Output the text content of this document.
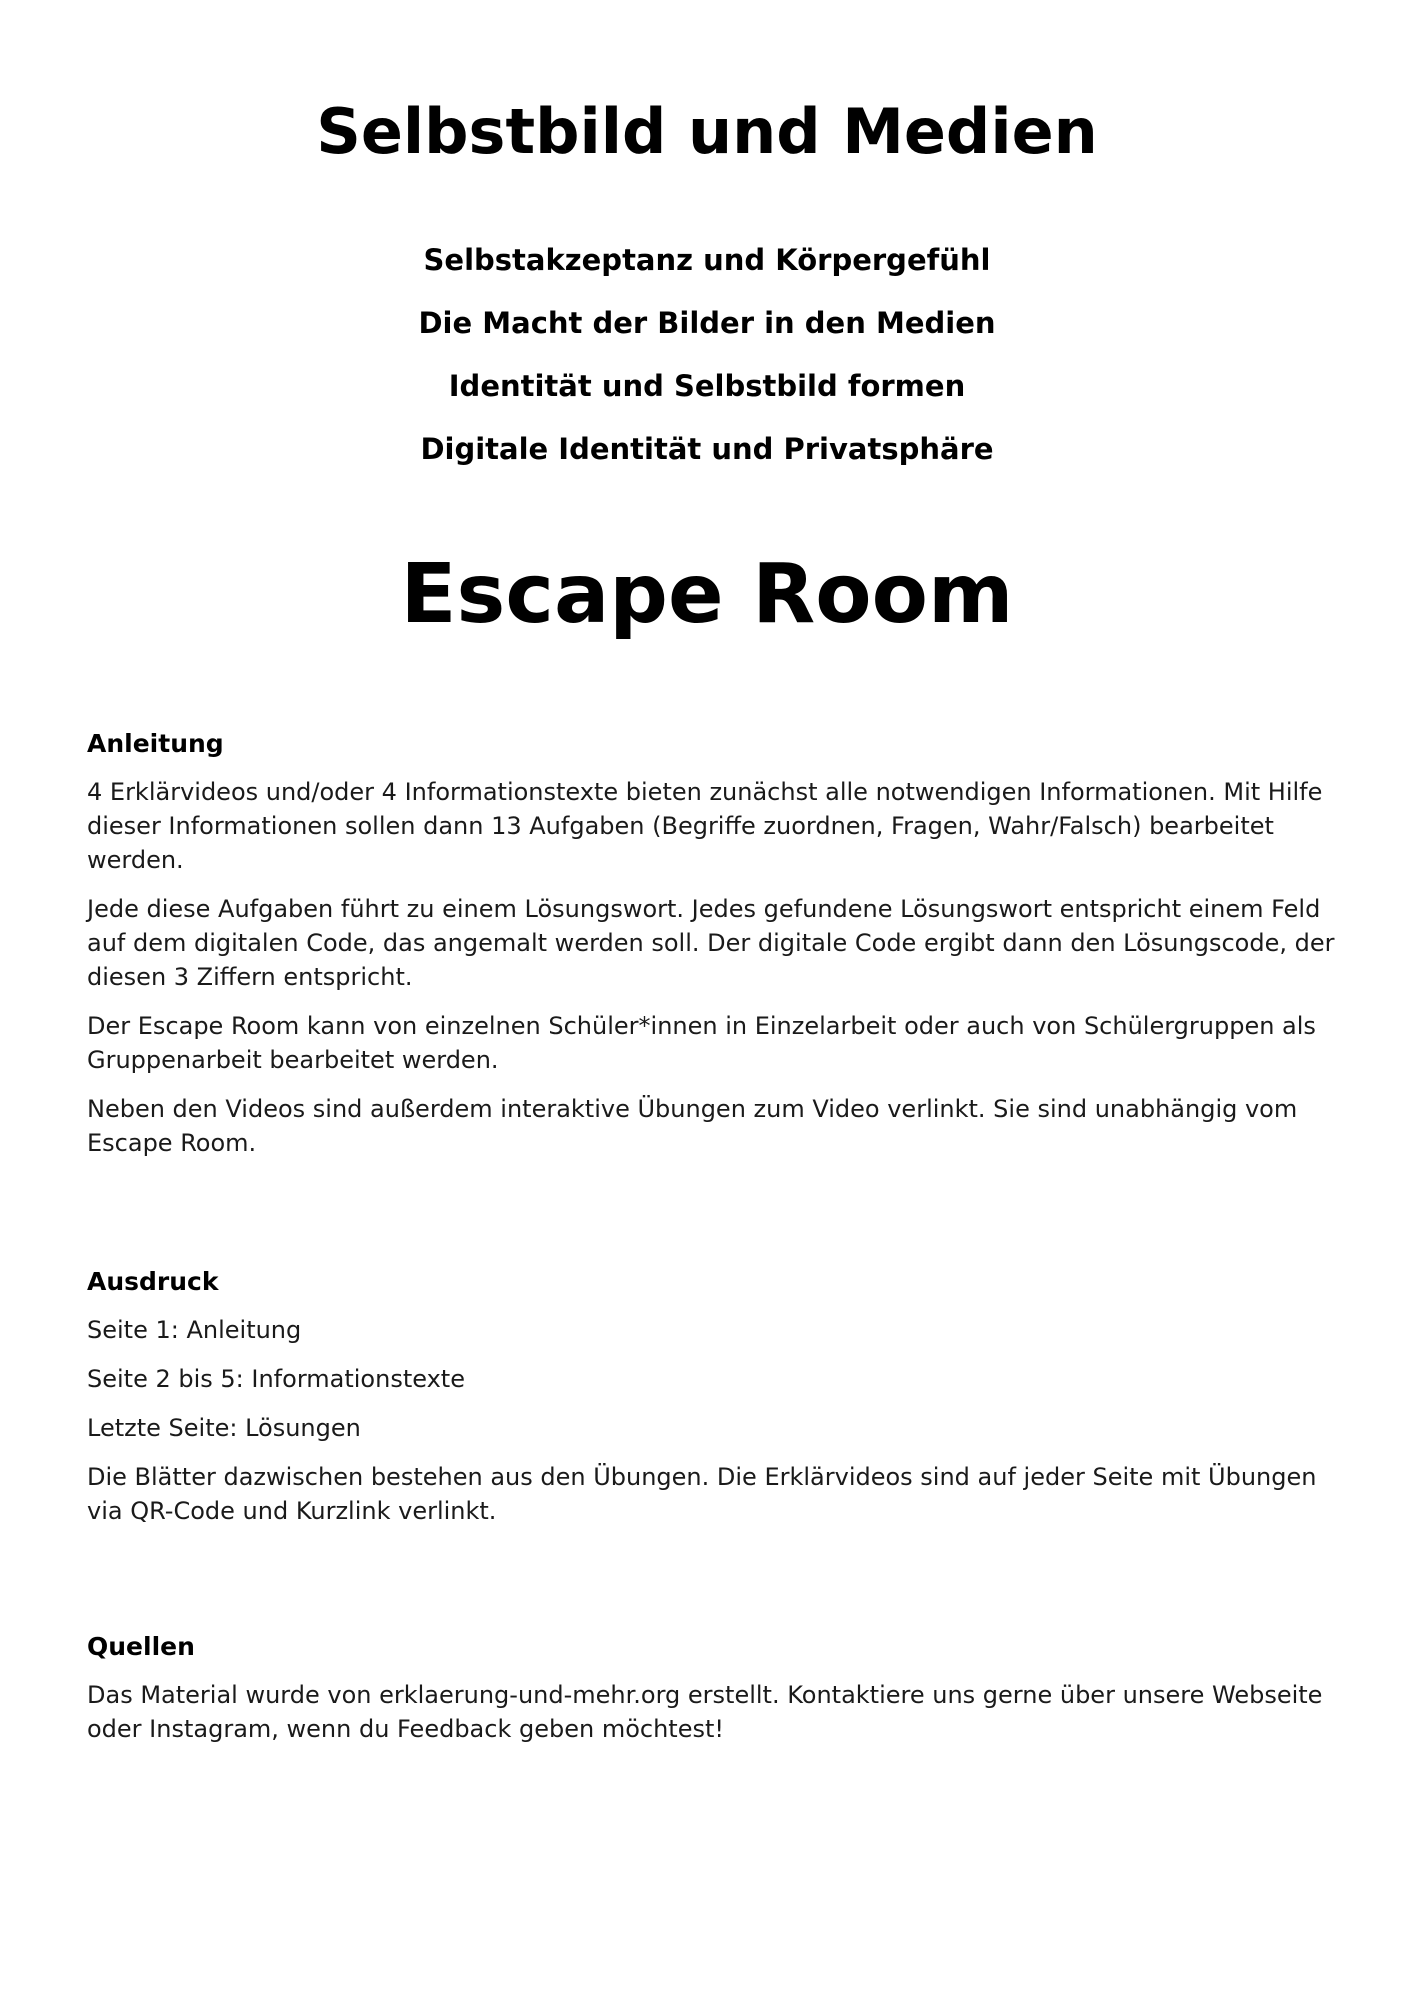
Selbstbild und Medien
Selbstakzeptanz und Körpergefühl
Die Macht der Bilder in den Medien
Identität und Selbstbild formen
Digitale Identität und Privatsphäre
Escape Room
Anleitung

4 Erklärvideos und/oder 4 Informationstexte bieten zunächst alle notwendigen Informationen. Mit Hilfe dieser Informationen sollen dann 13 Aufgaben (Begriffe zuordnen, Fragen, Wahr/Falsch) bearbeitet werden.

Jede diese Aufgaben führt zu einem Lösungswort. Jedes gefundene Lösungswort entspricht einem Feld auf dem digitalen Code, das angemalt werden soll. Der digitale Code ergibt dann den Lösungscode, der diesen 3 Ziffern entspricht.

Der Escape Room kann von einzelnen Schüler*innen in Einzelarbeit oder auch von Schülergruppen als Gruppenarbeit bearbeitet werden.

Neben den Videos sind außerdem interaktive Übungen zum Video verlinkt. Sie sind unabhängig vom Escape Room.

Ausdruck

Seite 1: Anleitung

Seite 2 bis 5: Informationstexte

Letzte Seite: Lösungen

Die Blätter dazwischen bestehen aus den Übungen. Die Erklärvideos sind auf jeder Seite mit Übungen via QR-Code und Kurzlink verlinkt.

Quellen

Das Material wurde von erklaerung-und-mehr.org erstellt. Kontaktiere uns gerne über unsere Webseite oder Instagram, wenn du Feedback geben möchtest!
